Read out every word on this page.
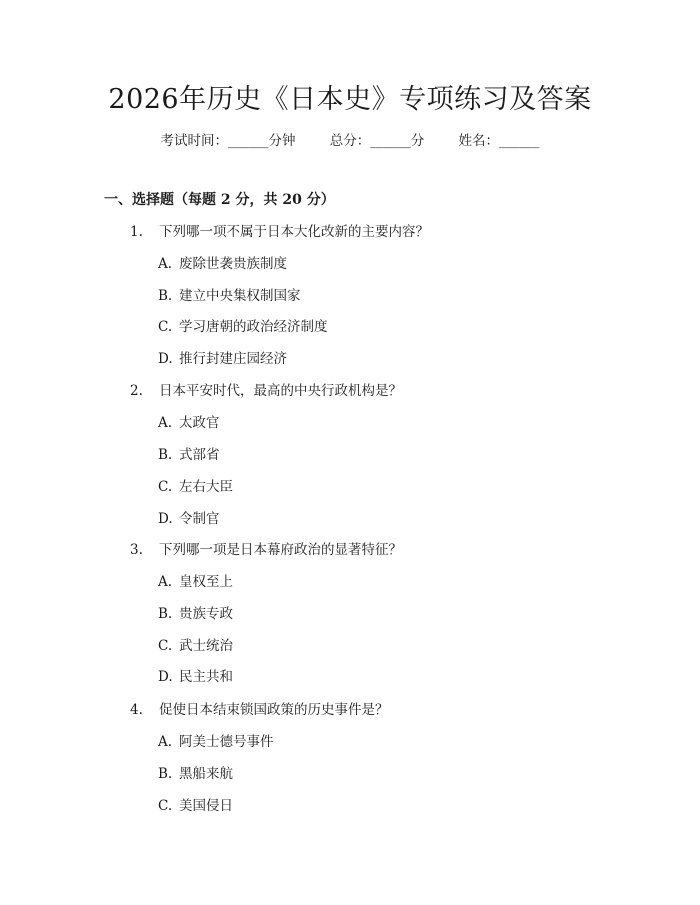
2026年历史《日本史》专项练习及答案
考试时间：______分钟	总分：______分	姓名：______
一、选择题（每题 2 分，共 20 分）
1. 下列哪一项不属于日本大化改新的主要内容？
A. 废除世袭贵族制度
B. 建立中央集权制国家
C. 学习唐朝的政治经济制度
D. 推行封建庄园经济
2. 日本平安时代，最高的中央行政机构是？
A. 太政官
B. 式部省
C. 左右大臣
D. 令制官
3. 下列哪一项是日本幕府政治的显著特征？
A. 皇权至上
B. 贵族专政
C. 武士统治
D. 民主共和
4. 促使日本结束锁国政策的历史事件是？
A. 阿美士德号事件
B. 黑船来航
C. 美国侵日
